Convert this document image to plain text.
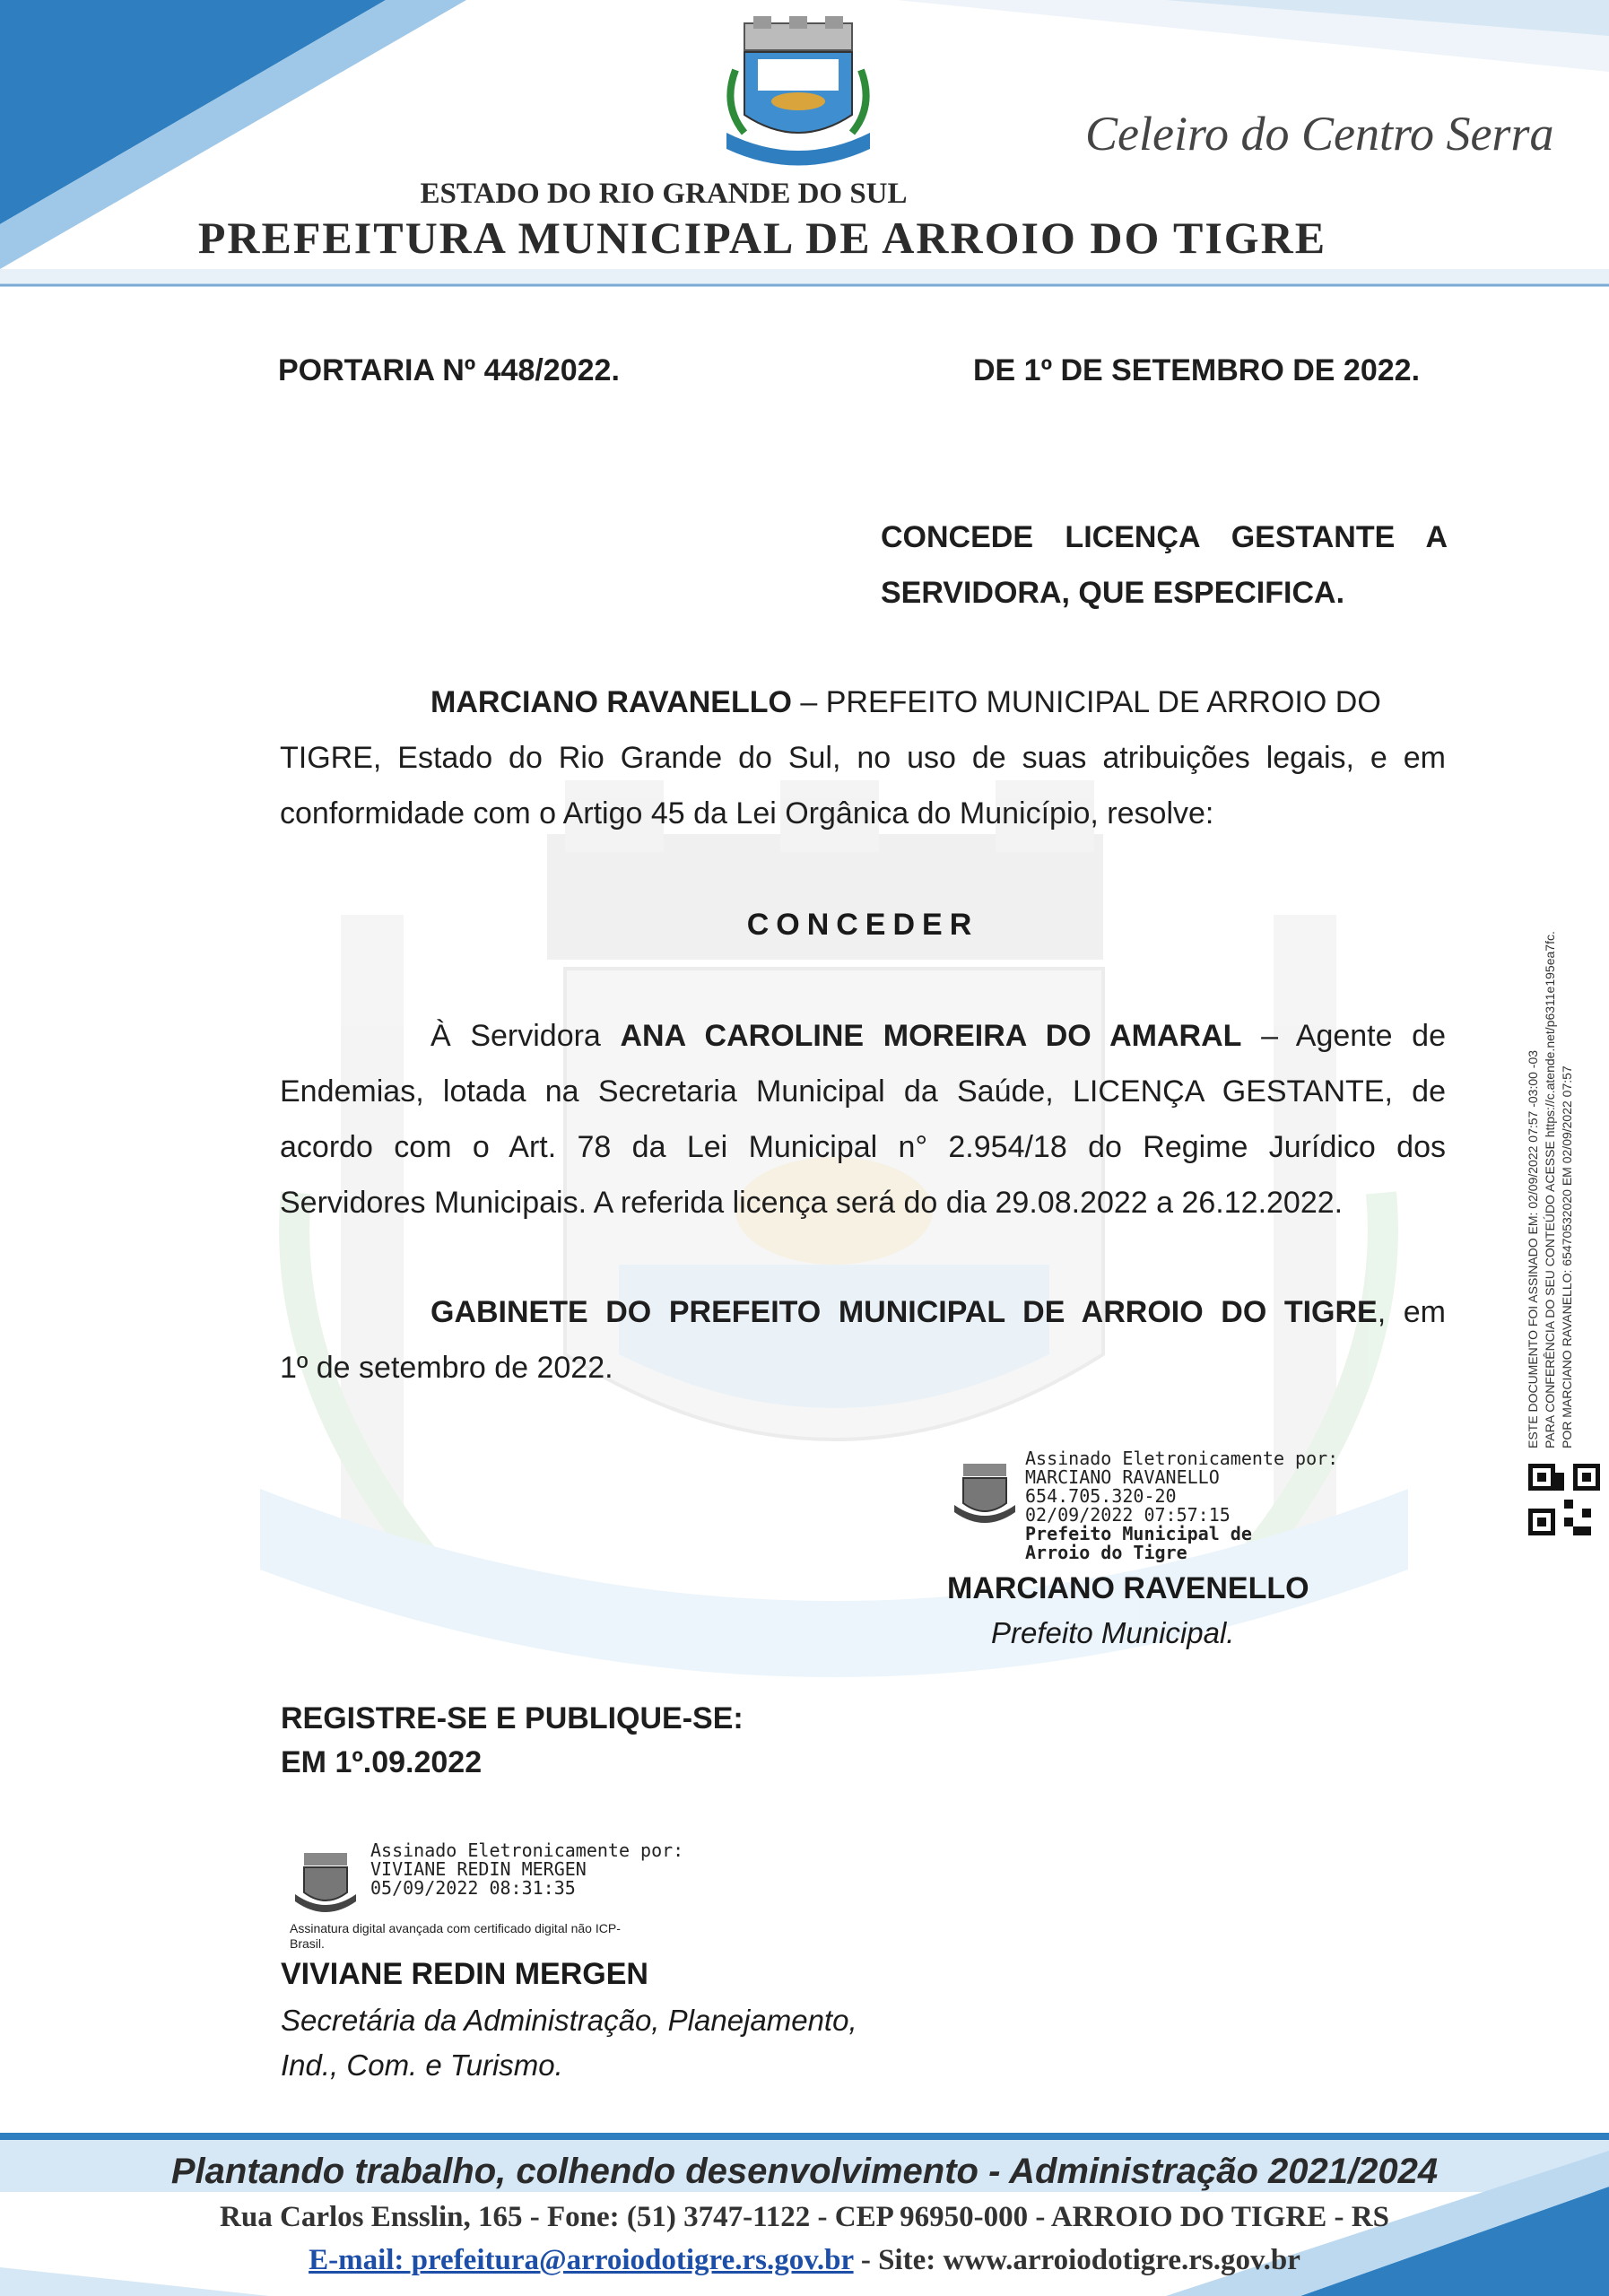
Celeiro do Centro Serra
ESTADO DO RIO GRANDE DO SUL
PREFEITURA MUNICIPAL DE ARROIO DO TIGRE
PORTARIA Nº 448/2022.	DE 1º DE SETEMBRO DE 2022.
CONCEDE LICENÇA GESTANTE A
SERVIDORA, QUE ESPECIFICA.
MARCIANO RAVANELLO – PREFEITO MUNICIPAL DE ARROIO DO
TIGRE, Estado do Rio Grande do Sul, no uso de suas atribuições legais, e em
conformidade com o Artigo 45 da Lei Orgânica do Município, resolve:
CONCEDER
À Servidora ANA CAROLINE MOREIRA DO AMARAL – Agente de
Endemias, lotada na Secretaria Municipal da Saúde, LICENÇA GESTANTE, de
acordo com o Art. 78 da Lei Municipal n° 2.954/18 do Regime Jurídico dos
Servidores Municipais. A referida licença será do dia 29.08.2022 a 26.12.2022.
GABINETE DO PREFEITO MUNICIPAL DE ARROIO DO TIGRE, em
1º de setembro de 2022.
Assinado Eletronicamente por:
MARCIANO RAVANELLO
654.705.320-20
02/09/2022 07:57:15
Prefeito Municipal de
Arroio do Tigre
MARCIANO RAVENELLO
Prefeito Municipal.
REGISTRE-SE E PUBLIQUE-SE:
EM 1º.09.2022
Assinado Eletronicamente por:
VIVIANE REDIN MERGEN
05/09/2022 08:31:35
Assinatura digital avançada com certificado digital não ICP-
Brasil.
VIVIANE REDIN MERGEN
Secretária da Administração, Planejamento,
Ind., Com. e Turismo.
ESTE DOCUMENTO FOI ASSINADO EM: 02/09/2022 07:57 -03:00 -03 PARA CONFERÊNCIA DO SEU CONTEÚDO ACESSE https://c.atende.net/p6311e195ea7fc. POR MARCIANO RAVANELLO: 65470532020 EM 02/09/2022 07:57
Plantando trabalho, colhendo desenvolvimento - Administração 2021/2024
Rua Carlos Ensslin, 165 - Fone: (51) 3747-1122 - CEP 96950-000 - ARROIO DO TIGRE - RS
E-mail: prefeitura@arroiodotigre.rs.gov.br - Site: www.arroiodotigre.rs.gov.br
